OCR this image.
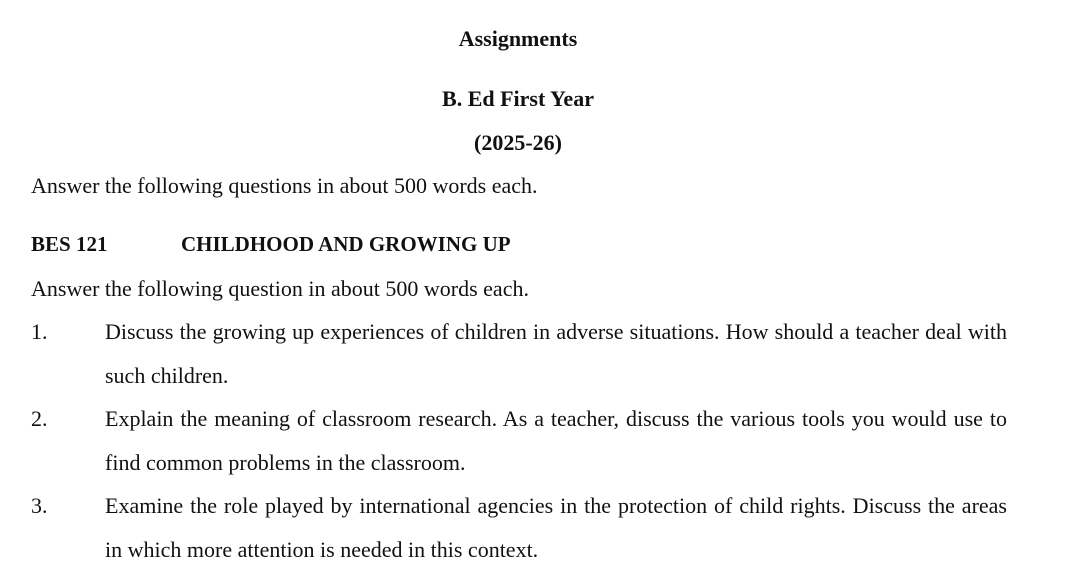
Assignments
B. Ed First Year
(2025-26)
Answer the following questions in about 500 words each.
BES 121	CHILDHOOD AND GROWING UP
Answer the following question in about 500 words each.
1.	Discuss the growing up experiences of children in adverse situations. How should a teacher deal with such children.
2.	Explain the meaning of classroom research. As a teacher, discuss the various tools you would use to find common problems in the classroom.
3.	Examine the role played by international agencies in the protection of child rights. Discuss the areas in which more attention is needed in this context.
